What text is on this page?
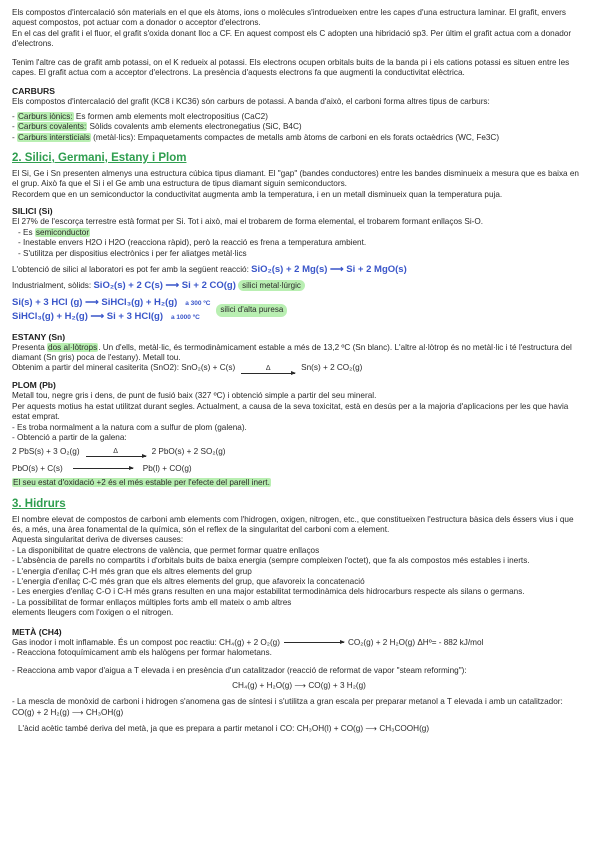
Els compostos d'intercalació són materials en el que els àtoms, ions o molècules s'introdueixen entre les capes d'una estructura laminar. El grafit, envers aquest compostos, pot actuar com a donador o acceptor d'electrons.

En el cas del grafit i el fluor, el grafit s'oxida donant lloc a CF. En aquest compost els C adopten una hibridació sp3. Per últim el grafit actua com a donador d'electrons.

Tenim l'altre cas de grafit amb potassi, on el K redueix al potassi. Els electrons ocupen orbitals buits de la banda pi i els cations potassi es situen entre les capes. El grafit actua com a acceptor d'electrons. La presència d'aquests electrons fa que augmenti la conductivitat elèctrica.

CARBURS

Els compostos d'intercalació del grafit (KC8 i KC36) són carburs de potassi. A banda d'això, el carboni forma altres tipus de carburs:

- Carburs iònics: Es formen amb elements molt electropositius (CaC2)

- Carburs covalents: Sòlids covalents amb elements electronegatius (SiC, B4C)

- Carburs intersticials (metàl·lics): Empaquetaments compactes de metalls amb àtoms de carboni en els forats octaèdrics (WC, Fe3C)

2. Silici, Germani, Estany i Plom

El Si, Ge i Sn presenten almenys una estructura cúbica tipus diamant. El "gap" (bandes conductores) entre les bandes disminueix a mesura que es baixa en el grup. Això fa que el Si i el Ge amb una estructura de tipus diamant siguin semiconductors.

Recordem que en un semiconductor la conductivitat augmenta amb la temperatura, i en un metall disminueix quan la temperatura puja.

SILICI (Si)

El 27% de l'escorça terrestre està format per Si. Tot i això, mai el trobarem de forma elemental, el trobarem formant enllaços Si-O.

- Es semiconductor

- Inestable envers H2O i H2O (reacciona ràpid), però la reacció es frena a temperatura ambient.

- S'utilitza per dispositius electrònics i per fer aliatges metàl·lics

L'obtenció de silici al laboratori es pot fer amb la següent reacció: SiO₂(s) + 2 Mg(s) ⟶ Si + 2 MgO(s)

Industrialment, sòlids: SiO₂(s) + 2 C(s) ⟶ Si + 2 CO(g) silici metal·lúrgic

Si(s) + 3 HCl (g) ⟶ SiHCl₃(g) + H₂(g) a 300 ºC
SiHCl₃(g) + H₂(g) ⟶ Si + 3 HCl(g) a 1000 ºC
silici d'alta puresa

ESTANY (Sn)

Presenta dos al·lòtrops. Un d'ells, metàl·lic, és termodinàmicament estable a més de 13,2 ºC (Sn blanc). L'altre al·lòtrop és no metàl·lic i té l'estructura del diamant (Sn gris) poca de l'estany). Metall tou.

Obtenim a partir del mineral casiterita (SnO2): SnO₂(s) + C(s)	Δ	Sn(s) + 2 CO₂(g)

PLOM (Pb)

Metall tou, negre gris i dens, de punt de fusió baix (327 ºC) i obtenció simple a partir del seu mineral.

Per aquests motius ha estat utilitzat durant segles. Actualment, a causa de la seva toxicitat, està en desús per a la majoria d'aplicacions per les que havia estat emprat.

- Es troba normalment a la natura com a sulfur de plom (galena).

- Obtenció a partir de la galena:

2 PbS(s) + 3 O₂(g)	Δ	2 PbO(s) + 2 SO₂(g)
PbO(s) + C(s)	Pb(l) + CO(g)

El seu estat d'oxidació +2 és el més estable per l'efecte del parell inert.

3. Hidrurs

El nombre elevat de compostos de carboni amb elements com l'hidrogen, oxigen, nitrogen, etc., que constitueixen l'estructura bàsica dels éssers vius i que és, a més, una àrea fonamental de la química, són el reflex de la singularitat del carboni com a element.

Aquesta singularitat deriva de diverses causes:

- La disponibilitat de quatre electrons de valència, que permet formar quatre enllaços

- L'absència de parells no compartits i d'orbitals buits de baixa energia (sempre compleixen l'octet), que fa als compostos més estables i inerts.

- L'energia d'enllaç C-H més gran que els altres elements del grup

- L'energia d'enllaç C-C més gran que els altres elements del grup, que afavoreix la concatenació

- Les energies d'enllaç C-O i C-H més grans resulten en una major estabilitat termodinàmica dels hidrocarburs respecte als silans o germans.

- La possibilitat de formar enllaços múltiples forts amb ell mateix o amb altres

elements lleugers com l'oxigen o el nitrogen.

METÀ (CH4)

Gas inodor i molt inflamable. És un compost poc reactiu: CH₄(g) + 2 O₂(g)	CO₂(g) + 2 H₂O(g) ΔHº= - 882 kJ/mol

- Reacciona fotoquímicament amb els halògens per formar halometans.

- Reacciona amb vapor d'aigua a T elevada i en presència d'un catalitzador (reacció de reformat de vapor "steam reforming"):

CH₄(g) + H₂O(g) ⟶ CO(g) + 3 H₂(g)

- La mescla de monòxid de carboni i hidrogen s'anomena gas de síntesi i s'utilitza a gran escala per preparar metanol a T elevada i amb un catalitzador: CO(g) + 2 H₂(g) ⟶ CH₃OH(g)

L'àcid acètic també deriva del metà, ja que es prepara a partir metanol i CO: CH₃OH(l) + CO(g) ⟶ CH₃COOH(g)
